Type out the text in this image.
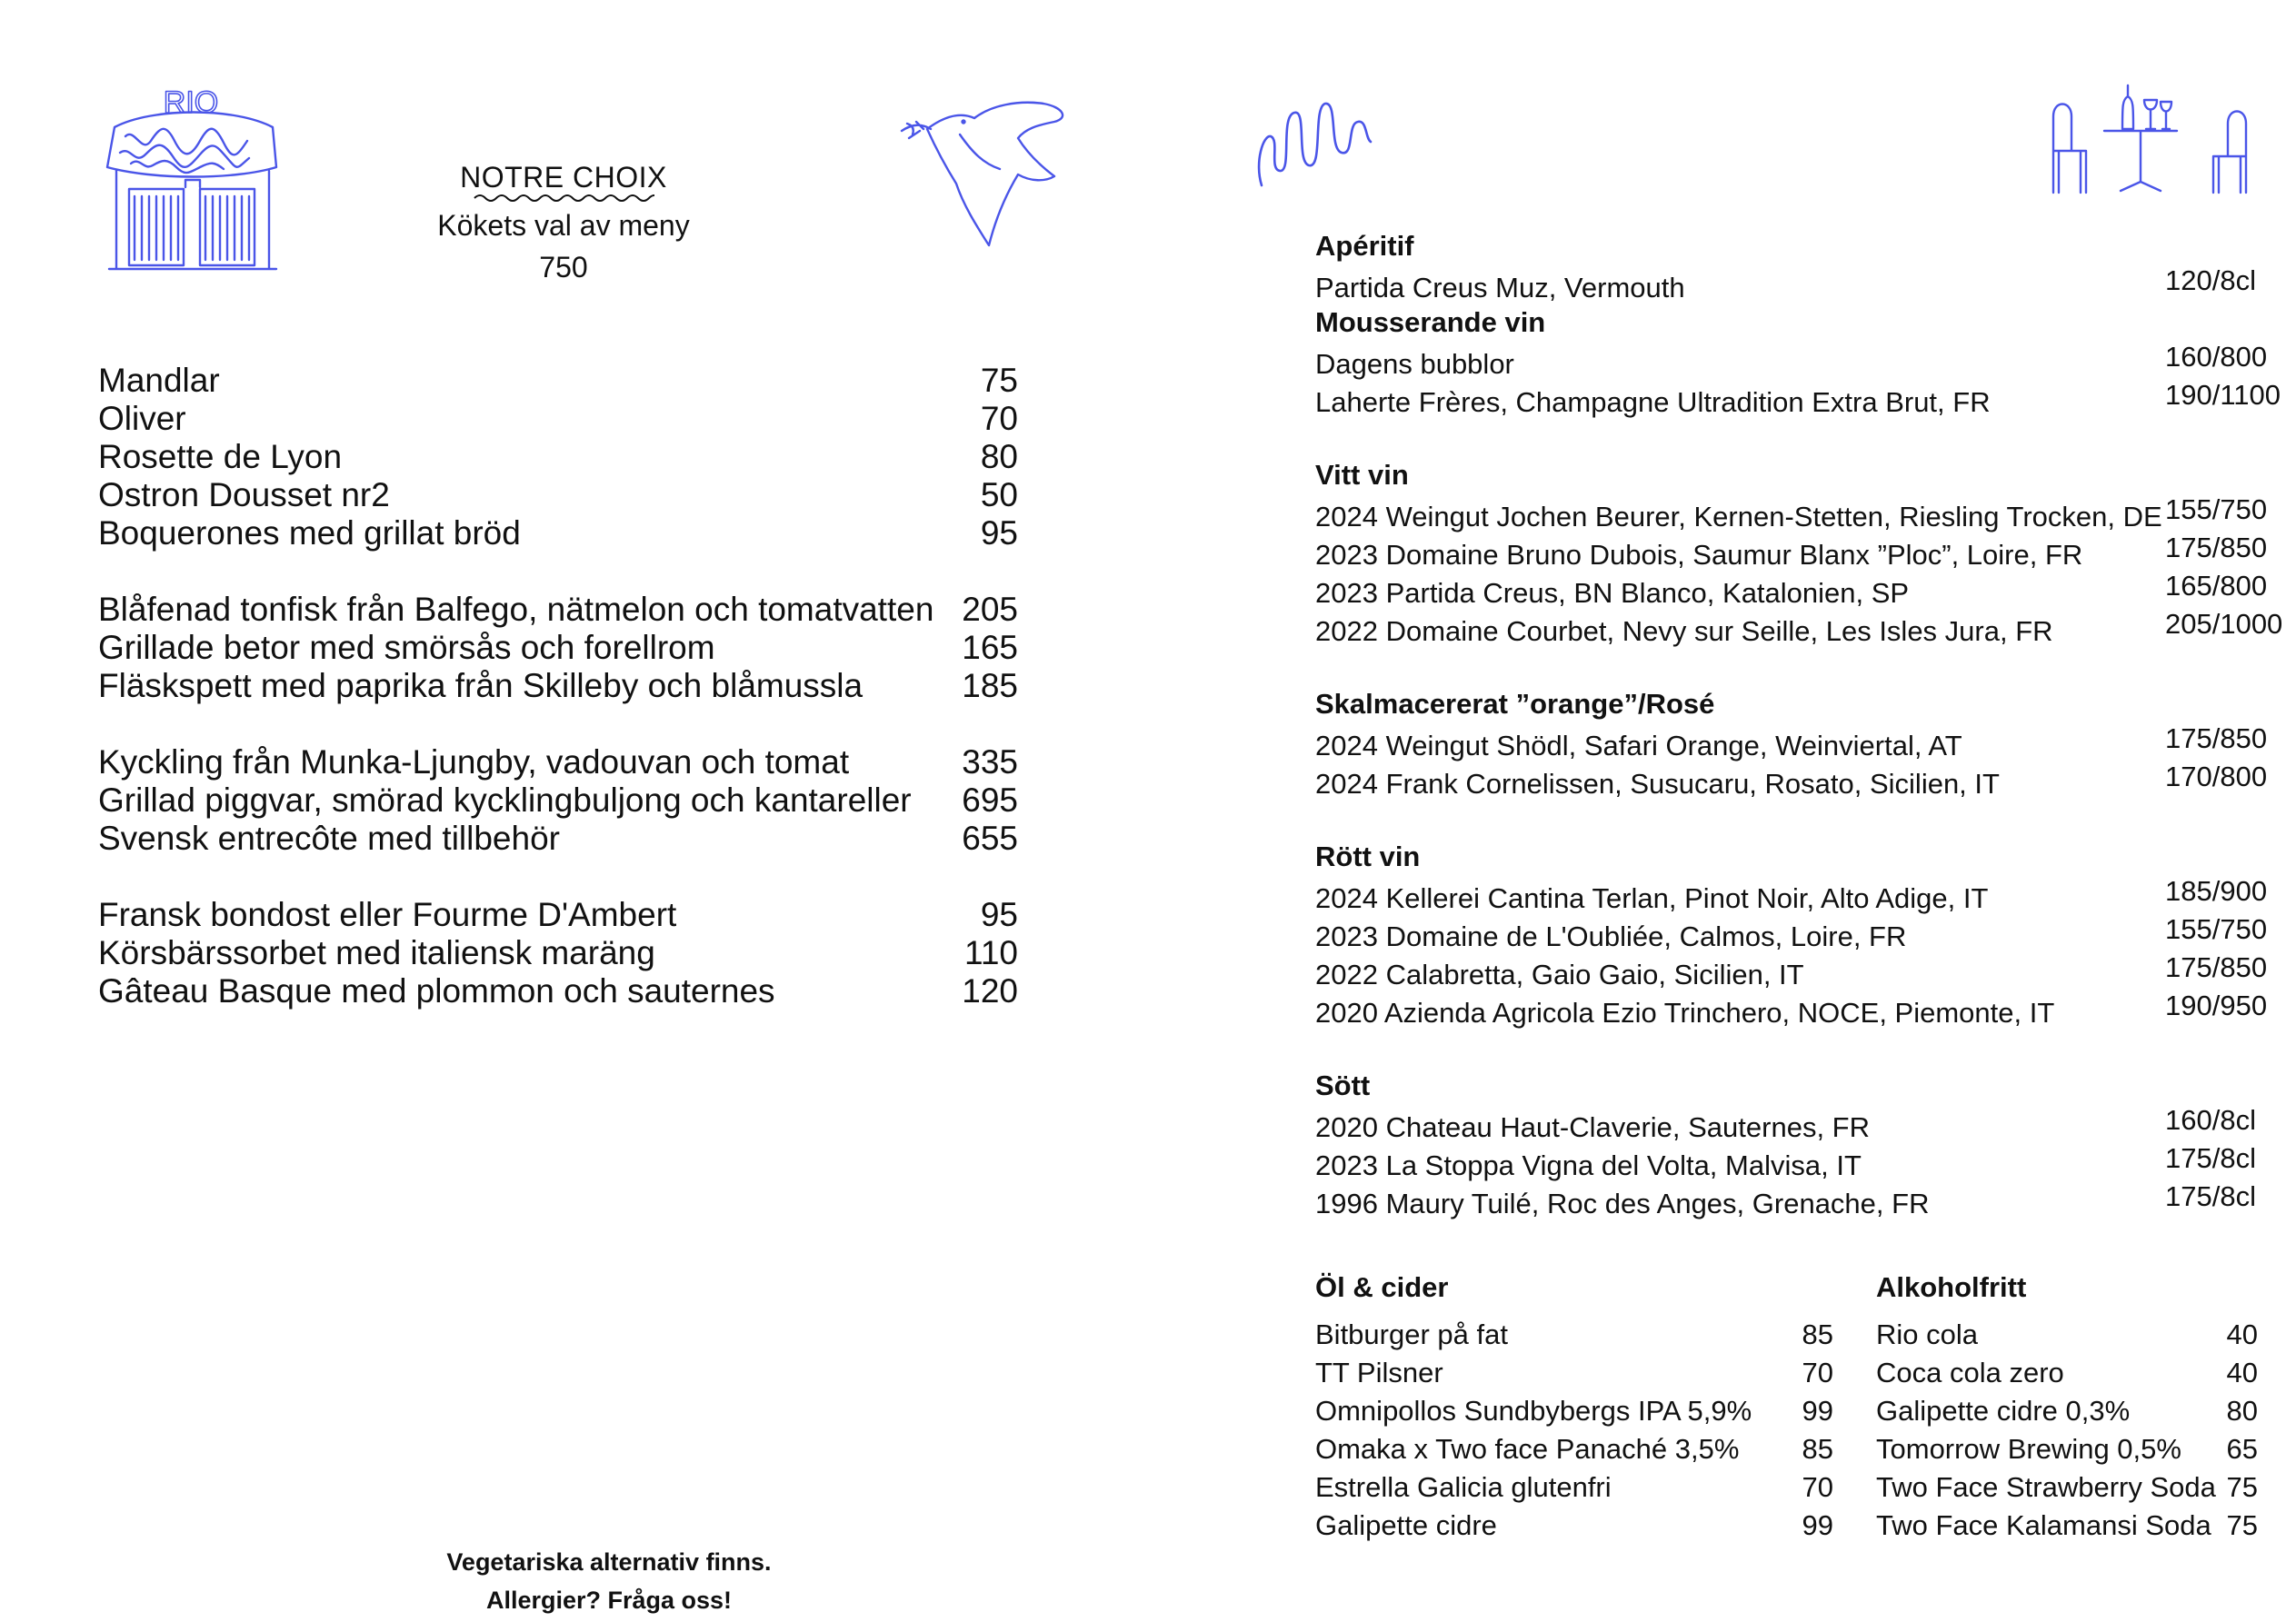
RIO
NOTRE CHOIX
Kökets val av meny
750
Mandlar	75
Oliver	70
Rosette de Lyon	80
Ostron Dousset nr2	50
Boquerones med grillat bröd	95
Blåfenad tonfisk från Balfego, nätmelon och tomatvatten 205
Grillade betor med smörsås och forellrom	165
Fläskspett med paprika från Skilleby och blåmussla	185
Kyckling från Munka-Ljungby, vadouvan och tomat	335
Grillad piggvar, smörad kycklingbuljong och kantareller 695
Svensk entrecôte med tillbehör	655
Fransk bondost eller Fourme D'Ambert	95
Körsbärssorbet med italiensk maräng	110
Gâteau Basque med plommon och sauternes	120
Vegetariska alternativ finns.
Allergier? Fråga oss!
Apéritif
Partida Creus Muz, Vermouth	120/8cl
Mousserande vin
Dagens bubblor	160/800
Laherte Frères, Champagne Ultradition Extra Brut, FR	190/1100
Vitt vin
2024 Weingut Jochen Beurer, Kernen-Stetten, Riesling Trocken, DE 155/750
2023 Domaine Bruno Dubois, Saumur Blanx ”Ploc”, Loire, FR	175/850
2023 Partida Creus, BN Blanco, Katalonien, SP	165/800
2022 Domaine Courbet, Nevy sur Seille, Les Isles Jura, FR	205/1000
Skalmacererat ”orange”/Rosé
2024 Weingut Shödl, Safari Orange, Weinviertal, AT	175/850
2024 Frank Cornelissen, Susucaru, Rosato, Sicilien, IT	170/800
Rött vin
2024 Kellerei Cantina Terlan, Pinot Noir, Alto Adige, IT	185/900
2023 Domaine de L'Oubliée, Calmos, Loire, FR	155/750
2022 Calabretta, Gaio Gaio, Sicilien, IT	175/850
2020 Azienda Agricola Ezio Trinchero, NOCE, Piemonte, IT	190/950
Sött
2020 Chateau Haut-Claverie, Sauternes, FR	160/8cl
2023 La Stoppa Vigna del Volta, Malvisa, IT	175/8cl
1996 Maury Tuilé, Roc des Anges, Grenache, FR	175/8cl
Öl & cider
Bitburger på fat	85
TT Pilsner	70
Omnipollos Sundbybergs IPA 5,9% 99
Omaka x Two face Panaché 3,5% 85
Estrella Galicia glutenfri	70
Galipette cidre	99
Alkoholfritt
Rio cola	40
Coca cola zero	40
Galipette cidre 0,3%	80
Tomorrow Brewing 0,5% 65
Two Face Strawberry Soda 75
Two Face Kalamansi Soda 75
